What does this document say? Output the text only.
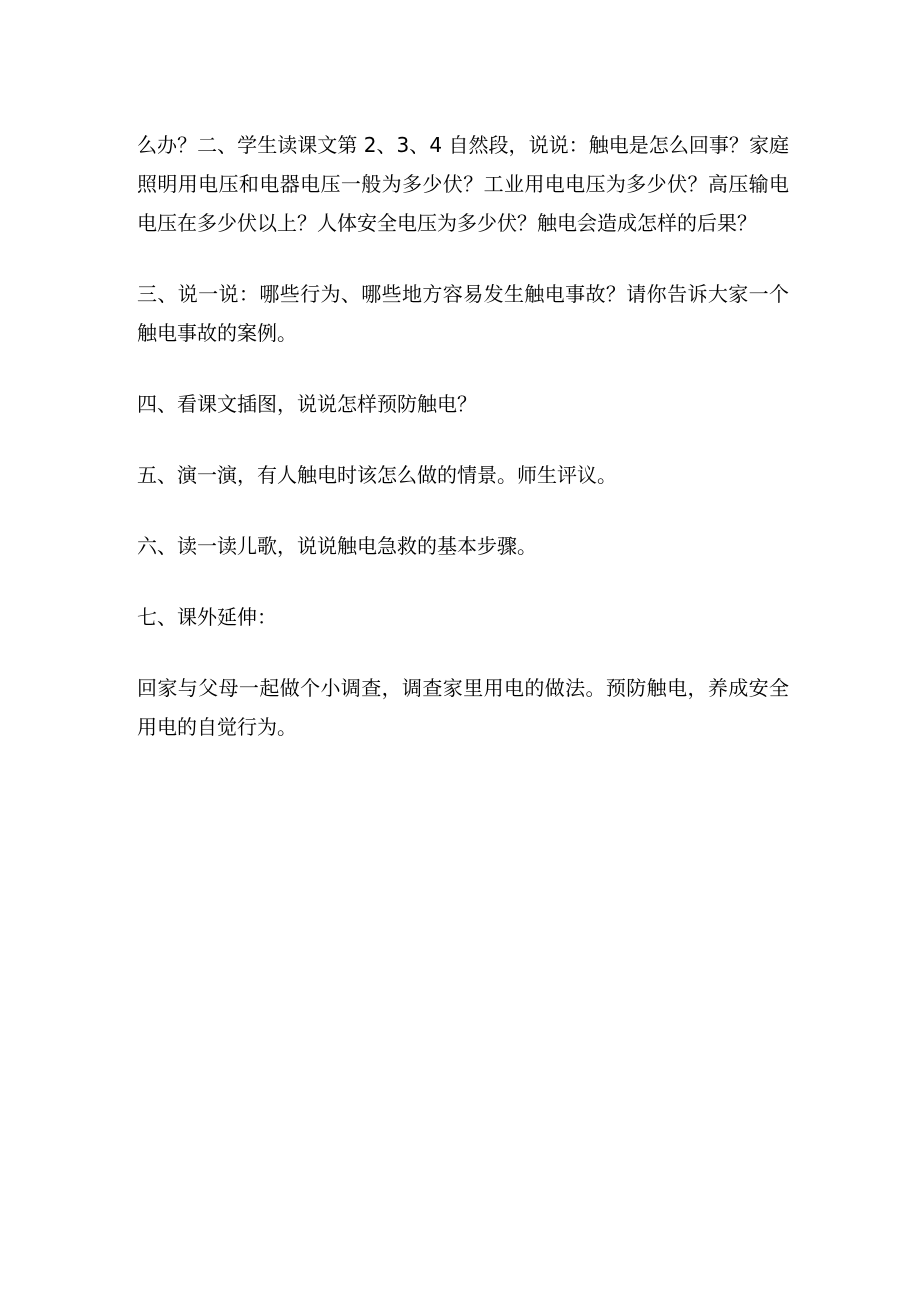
么办？二、学生读课文第 2、3、4 自然段，说说：触电是怎么回事？家庭
照明用电压和电器电压一般为多少伏？工业用电电压为多少伏？高压输电
电压在多少伏以上？人体安全电压为多少伏？触电会造成怎样的后果？

三、说一说：哪些行为、哪些地方容易发生触电事故？请你告诉大家一个
触电事故的案例。

四、看课文插图，说说怎样预防触电？

五、演一演，有人触电时该怎么做的情景。师生评议。

六、读一读儿歌，说说触电急救的基本步骤。

七、课外延伸：

回家与父母一起做个小调查，调查家里用电的做法。预防触电，养成安全
用电的自觉行为。
